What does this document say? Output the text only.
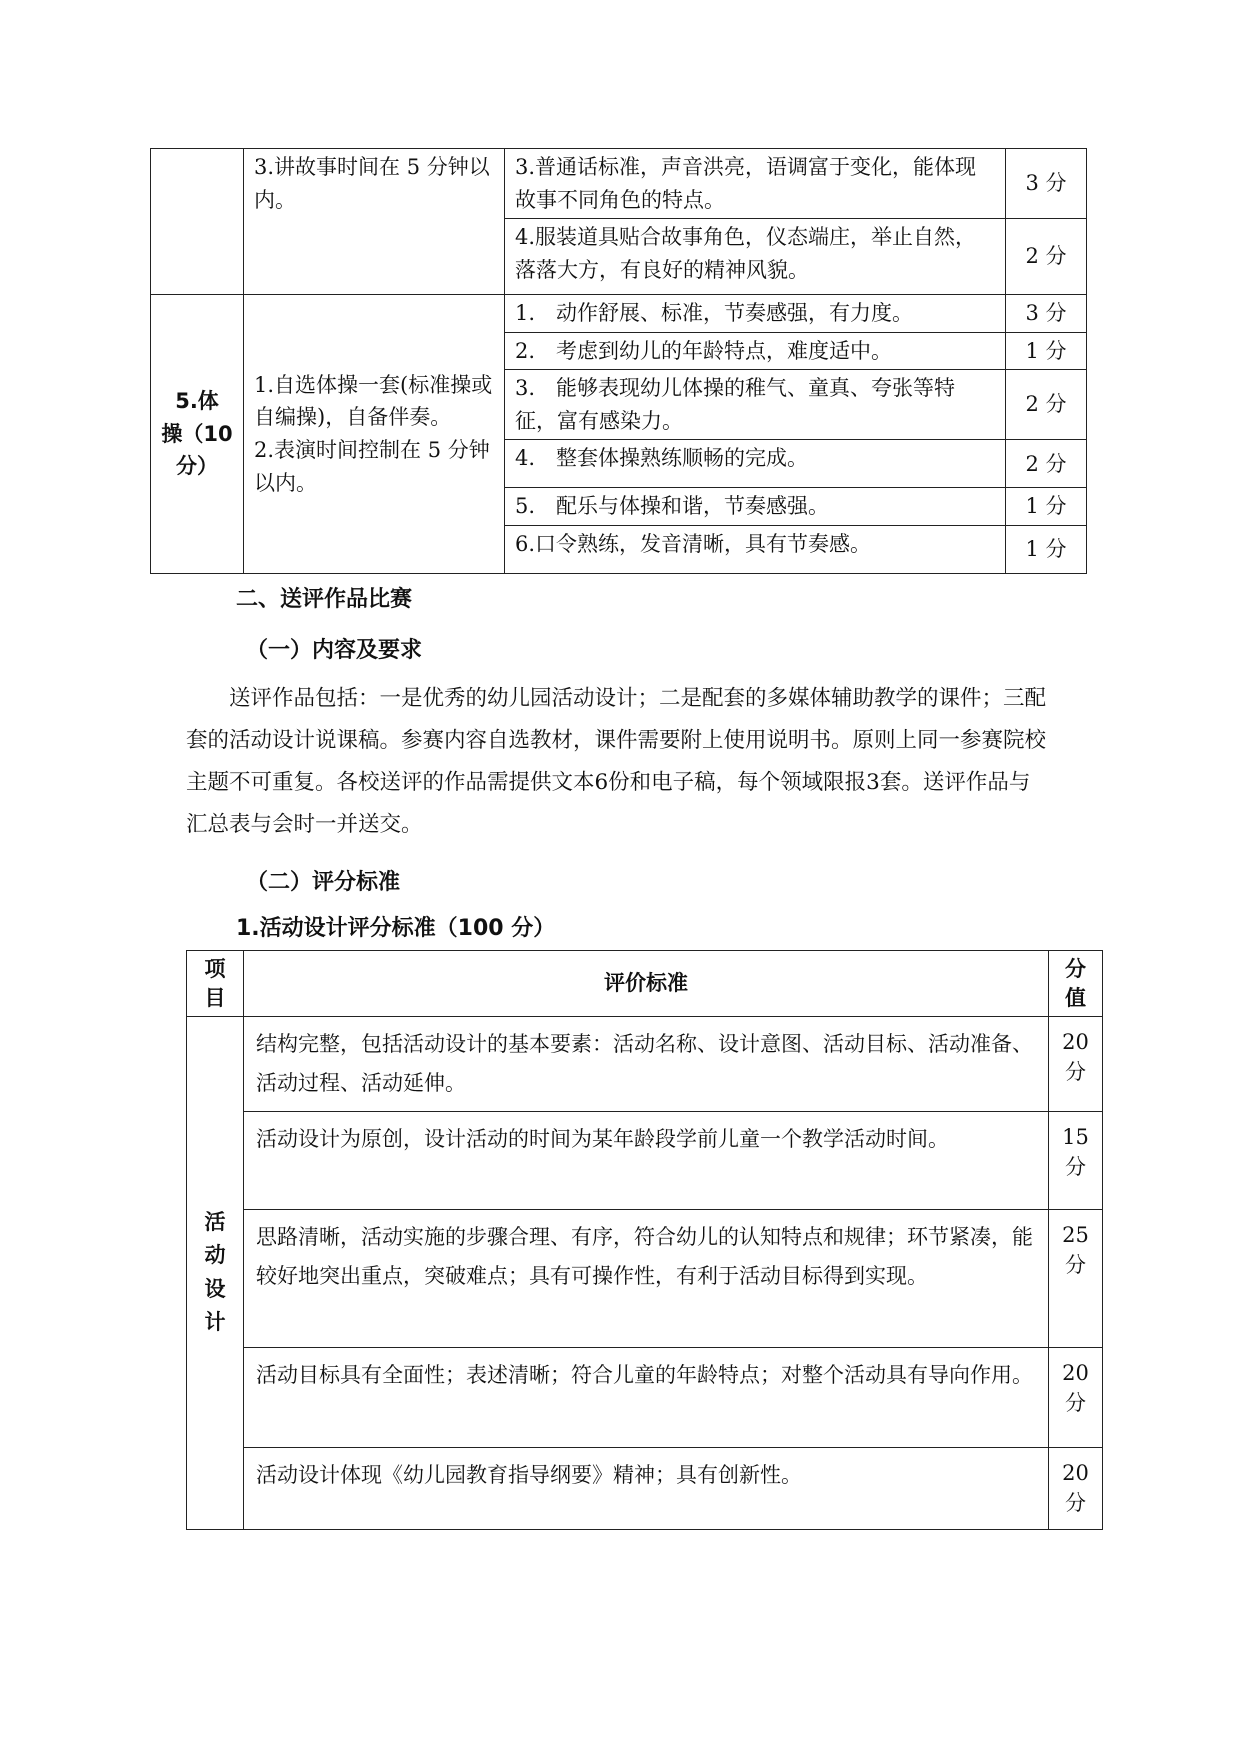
	3.讲故事时间在 5 分钟以内。	3.普通话标准，声音洪亮，语调富于变化，能体现故事不同角色的特点。	3 分
		4.服装道具贴合故事角色，仪态端庄，举止自然，落落大方，有良好的精神风貌。	2 分
5.体
操（10
分）	1.自选体操一套(标准操或自编操)，自备伴奏。
2.表演时间控制在 5 分钟以内。	1.　动作舒展、标准，节奏感强，有力度。	3 分
		2.　考虑到幼儿的年龄特点，难度适中。	1 分
		3.　能够表现幼儿体操的稚气、童真、夸张等特征，富有感染力。	2 分
		4.　整套体操熟练顺畅的完成。	2 分
		5.　配乐与体操和谐，节奏感强。	1 分
		6.口令熟练，发音清晰，具有节奏感。	1 分
二、送评作品比赛
（一）内容及要求
送评作品包括：一是优秀的幼儿园活动设计；二是配套的多媒体辅助教学的课件；三配套的活动设计说课稿。参赛内容自选教材，课件需要附上使用说明书。原则上同一参赛院校主题不可重复。各校送评的作品需提供文本6份和电子稿，每个领域限报3套。送评作品与汇总表与会时一并送交。
（二）评分标准
1.活动设计评分标准（100 分）
项
目	评价标准	分
值
活
动
设
计	结构完整，包括活动设计的基本要素：活动名称、设计意图、活动目标、活动准备、活动过程、活动延伸。	20
分
	活动设计为原创，设计活动的时间为某年龄段学前儿童一个教学活动时间。	15
分
	思路清晰，活动实施的步骤合理、有序，符合幼儿的认知特点和规律；环节紧凑，能较好地突出重点，突破难点；具有可操作性，有利于活动目标得到实现。	25
分
	活动目标具有全面性；表述清晰；符合儿童的年龄特点；对整个活动具有导向作用。	20
分
	活动设计体现《幼儿园教育指导纲要》精神；具有创新性。	20
分
